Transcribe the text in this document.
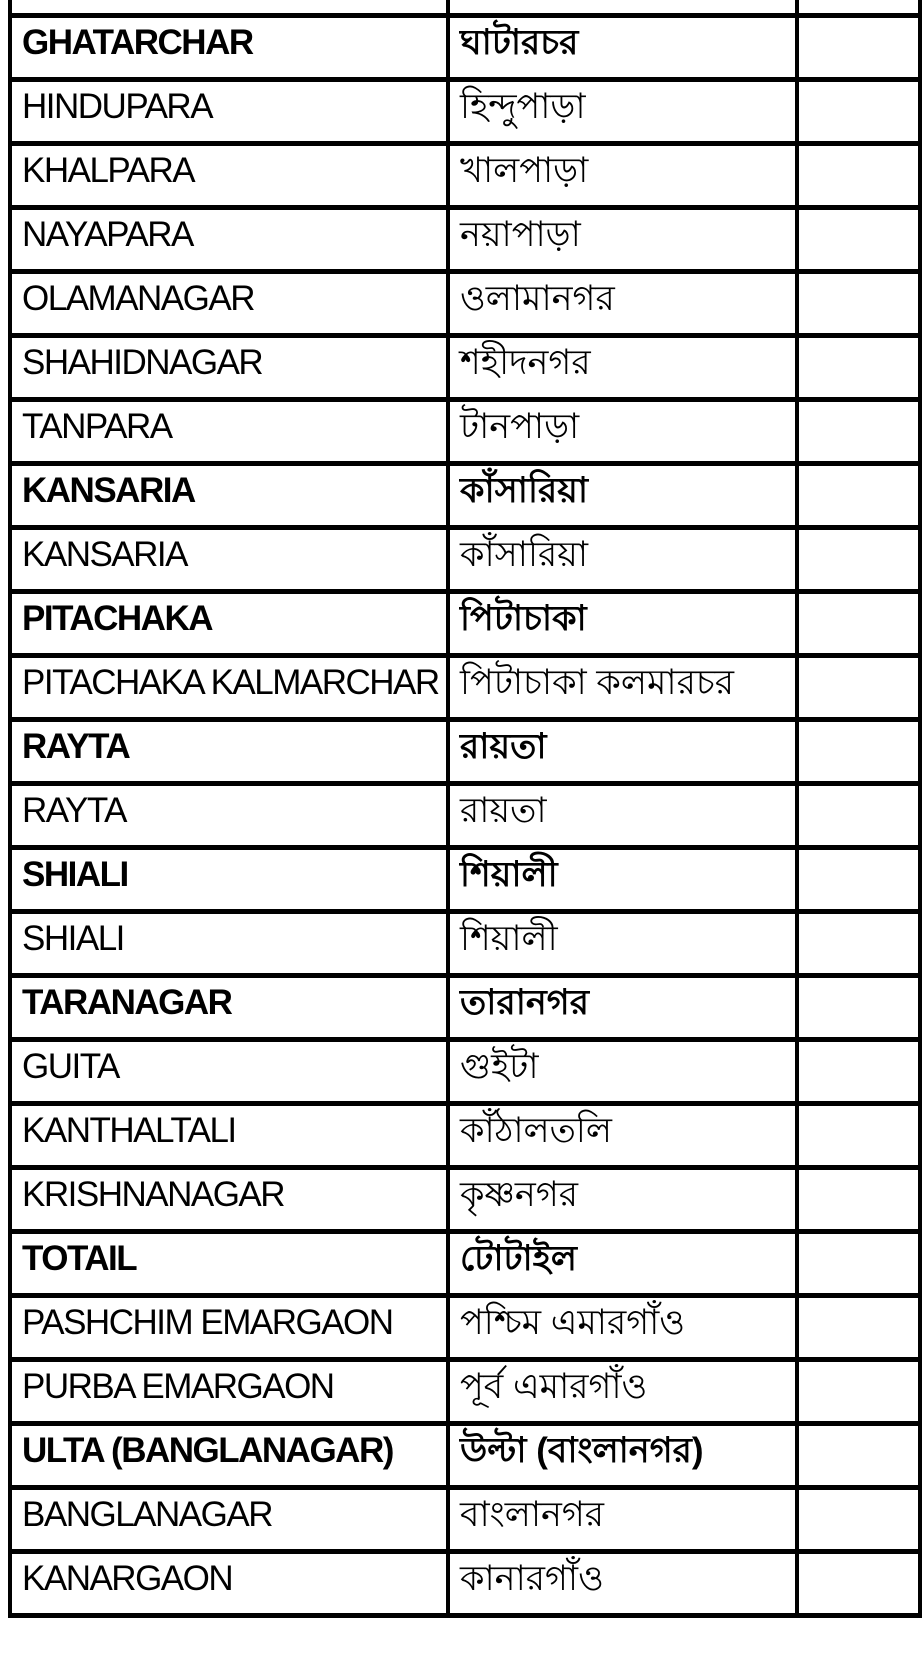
GHATARCHAR	ঘাটারচর	

HINDUPARA	হিন্দুপাড়া	

KHALPARA	খালপাড়া	

NAYAPARA	নয়াপাড়া	

OLAMANAGAR	ওলামানগর	

SHAHIDNAGAR	শহীদনগর	

TANPARA	টানপাড়া	

KANSARIA	কাঁসারিয়া	

KANSARIA	কাঁসারিয়া	

PITACHAKA	পিটাচাকা	

PITACHAKA KALMARCHAR	পিটাচাকা কলমারচর	

RAYTA	রায়তা	

RAYTA	রায়তা	

SHIALI	শিয়ালী	

SHIALI	শিয়ালী	

TARANAGAR	তারানগর	

GUITA	গুইটা	

KANTHALTALI	কাঁঠালতলি	

KRISHNANAGAR	কৃষ্ণনগর	

TOTAIL	টোটাইল	

PASHCHIM EMARGAON	পশ্চিম এমারগাঁও	

PURBA EMARGAON	পূর্ব এমারগাঁও	

ULTA (BANGLANAGAR)	উল্টা (বাংলানগর)	

BANGLANAGAR	বাংলানগর	

KANARGAON	কানারগাঁও	
